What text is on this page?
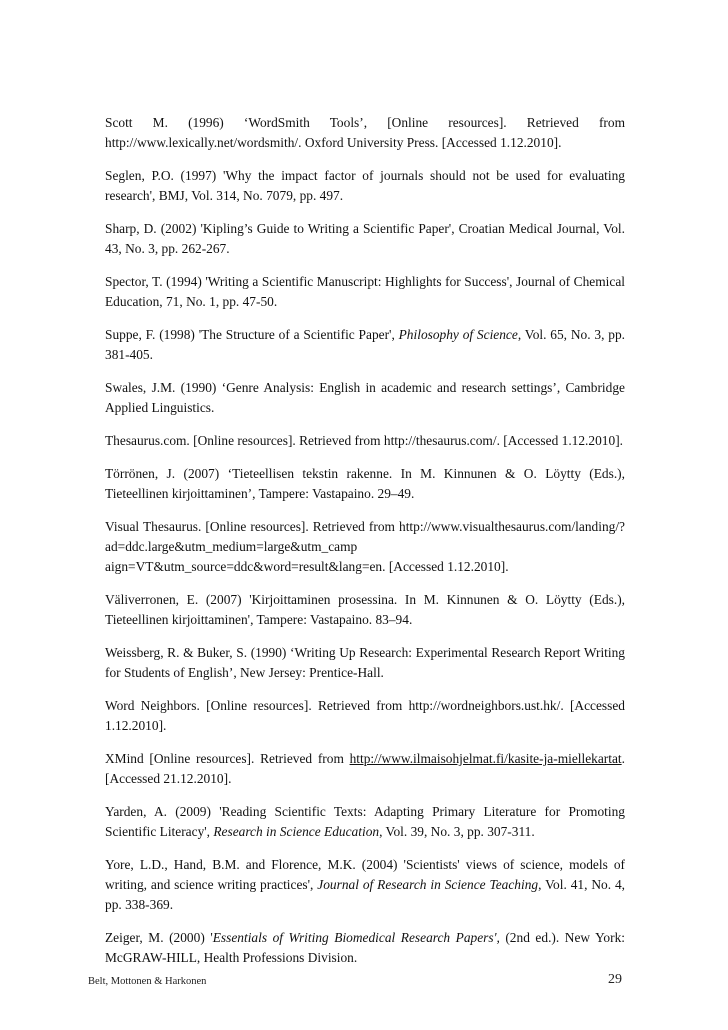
Scott M. (1996) ‘WordSmith Tools’, [Online resources]. Retrieved from http://www.lexically.net/wordsmith/. Oxford University Press. [Accessed 1.12.2010].

Seglen, P.O. (1997) 'Why the impact factor of journals should not be used for evaluating research', BMJ, Vol. 314, No. 7079, pp. 497.

Sharp, D. (2002) 'Kipling’s Guide to Writing a Scientific Paper', Croatian Medical Journal, Vol. 43, No. 3, pp. 262-267.

Spector, T. (1994) 'Writing a Scientific Manuscript: Highlights for Success', Journal of Chemical Education, 71, No. 1, pp. 47-50.

Suppe, F. (1998) 'The Structure of a Scientific Paper', Philosophy of Science, Vol. 65, No. 3, pp. 381-405.

Swales, J.M. (1990) ‘Genre Analysis: English in academic and research settings’, Cambridge Applied Linguistics.

Thesaurus.com. [Online resources]. Retrieved from http://thesaurus.com/. [Accessed 1.12.2010].

Törrönen, J. (2007) ‘Tieteellisen tekstin rakenne. In M. Kinnunen & O. Löytty (Eds.), Tieteellinen kirjoittaminen’, Tampere: Vastapaino. 29–49.

Visual Thesaurus. [Online resources]. Retrieved from http://www.visualthesaurus.com/landing/?ad=ddc.large&utm_medium=large&utm_camp aign=VT&utm_source=ddc&word=result&lang=en. [Accessed 1.12.2010].

Väliverronen, E. (2007) 'Kirjoittaminen prosessina. In M. Kinnunen & O. Löytty (Eds.), Tieteellinen kirjoittaminen', Tampere: Vastapaino. 83–94.

Weissberg, R. & Buker, S. (1990) ‘Writing Up Research: Experimental Research Report Writing for Students of English’, New Jersey: Prentice-Hall.

Word Neighbors. [Online resources]. Retrieved from http://wordneighbors.ust.hk/. [Accessed 1.12.2010].

XMind [Online resources]. Retrieved from http://www.ilmaisohjelmat.fi/kasite-ja-miellekartat. [Accessed 21.12.2010].

Yarden, A. (2009) 'Reading Scientific Texts: Adapting Primary Literature for Promoting Scientific Literacy', Research in Science Education, Vol. 39, No. 3, pp. 307-311.

Yore, L.D., Hand, B.M. and Florence, M.K. (2004) 'Scientists' views of science, models of writing, and science writing practices', Journal of Research in Science Teaching, Vol. 41, No. 4, pp. 338-369.

Zeiger, M. (2000) 'Essentials of Writing Biomedical Research Papers', (2nd ed.). New York: McGRAW-HILL, Health Professions Division.

Belt, Mottonen & Harkonen	29
